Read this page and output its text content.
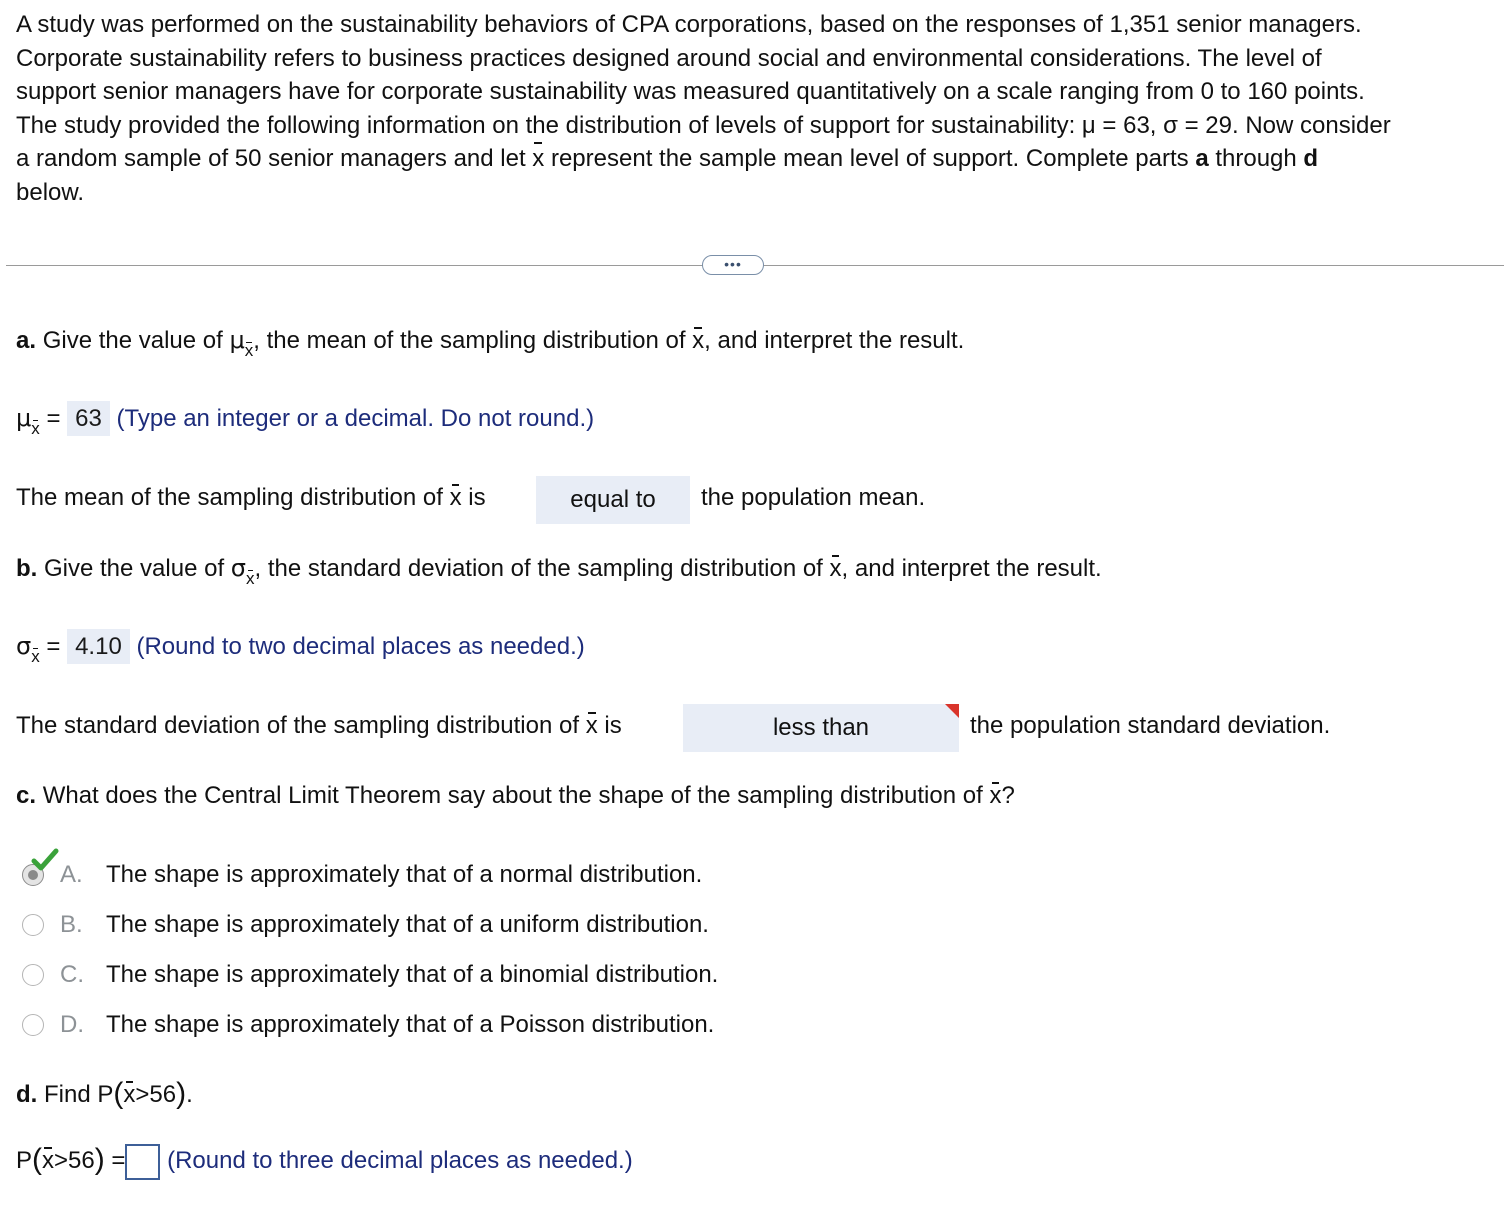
A study was performed on the sustainability behaviors of CPA corporations, based on the responses of 1,351 senior managers.

Corporate sustainability refers to business practices designed around social and environmental considerations. The level of

support senior managers have for corporate sustainability was measured quantitatively on a scale ranging from 0 to 160 points.

The study provided the following information on the distribution of levels of support for sustainability: μ = 63, σ = 29. Now consider

a random sample of 50 senior managers and let x represent the sample mean level of support. Complete parts a through d

below.

•••
a. Give the value of μx, the mean of the sampling distribution of x, and interpret the result.
μx = 63 (Type an integer or a decimal. Do not round.)
The mean of the sampling distribution of x is	equal to	the population mean.
b. Give the value of σx, the standard deviation of the sampling distribution of x, and interpret the result.
σx = 4.10 (Round to two decimal places as needed.)
The standard deviation of the sampling distribution of x is	less than	the population standard deviation.
c. What does the Central Limit Theorem say about the shape of the sampling distribution of x?
A. The shape is approximately that of a normal distribution.
B. The shape is approximately that of a uniform distribution.
C. The shape is approximately that of a binomial distribution.
D. The shape is approximately that of a Poisson distribution.
d. Find P(x>56).
P(x>56) = (Round to three decimal places as needed.)
